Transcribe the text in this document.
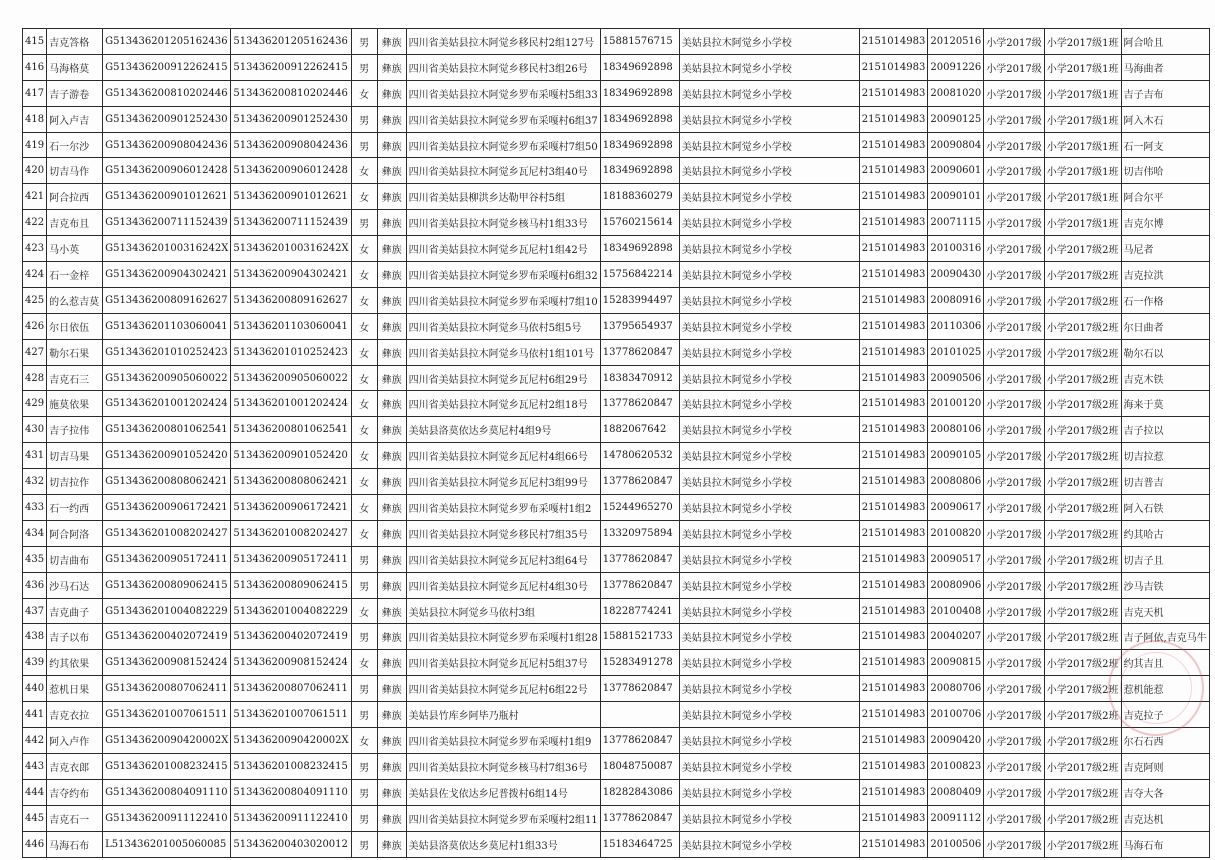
415	吉克答格	G51343620120516243​6	513436201205162436	男	彝族	四川省美姑县拉木阿觉乡移民村2组127号	15881576715	美姑县拉木阿觉乡小学校	2151014983	20120516	小学2017级	小学2017级1班	阿合哈且
416	马海格莫	G513436200912262415	513436200912262415	男	彝族	四川省美姑县拉木阿觉乡移民村3组26号	18349692898	美姑县拉木阿觉乡小学校	2151014983	20091226	小学2017级	小学2017级1班	马海曲者
417	吉子游卷	G513436200810202446	513436200810202446	女	彝族	四川省美姑县拉木阿觉乡罗布采嘎村5组33	18349692898	美姑县拉木阿觉乡小学校	2151014983	20081020	小学2017级	小学2017级1班	吉子吉布
418	阿入卢吉	G513436200901252430	513436200901252430	男	彝族	四川省美姑县拉木阿觉乡罗布采嘎村6组37	18349692898	美姑县拉木阿觉乡小学校	2151014983	20090125	小学2017级	小学2017级1班	阿入木石
419	石一尔沙	G513436200908042436	513436200908042436	男	彝族	四川省美姑县拉木阿觉乡罗布采嘎村7组50	18349692898	美姑县拉木阿觉乡小学校	2151014983	20090804	小学2017级	小学2017级1班	石一阿支
420	切吉马作	G513436200906012428	513436200906012428	女	彝族	四川省美姑县拉木阿觉乡瓦尼村3组40号	18349692898	美姑县拉木阿觉乡小学校	2151014983	20090601	小学2017级	小学2017级1班	切吉伟哈
421	阿合拉西	G513436200901012621	513436200901012621	女	彝族	四川省美姑县柳洪乡达勒甲谷村5组	18188360279	美姑县拉木阿觉乡小学校	2151014983	20090101	小学2017级	小学2017级1班	阿合尔平
422	吉克布且	G513436200711152439	513436200711152439	男	彝族	四川省美姑县拉木阿觉乡核马村1组33号	15760215614	美姑县拉木阿觉乡小学校	2151014983	20071115	小学2017级	小学2017级1班	吉克尔博
423	马小英	G51343620100316242X	51343620100316242X	女	彝族	四川省美姑县拉木阿觉乡瓦尼村1组42号	18349692898	美姑县拉木阿觉乡小学校	2151014983	20100316	小学2017级	小学2017级2班	马尼者
424	石一金梓	G513436200904302421	513436200904302421	女	彝族	四川省美姑县拉木阿觉乡罗布采嘎村6组32	15756842214	美姑县拉木阿觉乡小学校	2151014983	20090430	小学2017级	小学2017级2班	吉克拉洪
425	的么惹吉莫	G513436200809162627	513436200809162627	女	彝族	四川省美姑县拉木阿觉乡罗布采嘎村7组10	15283994497	美姑县拉木阿觉乡小学校	2151014983	20080916	小学2017级	小学2017级2班	石一作格
426	尔日依伍	G513436201103060041	513436201103060041	女	彝族	四川省美姑县拉木阿觉乡马依村5组5号	13795654937	美姑县拉木阿觉乡小学校	2151014983	20110306	小学2017级	小学2017级2班	尔日曲者
427	勒尔石果	G513436201010252423	513436201010252423	女	彝族	四川省美姑县拉木阿觉乡马依村1组101号	13778620847	美姑县拉木阿觉乡小学校	2151014983	20101025	小学2017级	小学2017级2班	勒尔石以
428	吉克石三	G513436200905060022	513436200905060022	女	彝族	四川省美姑县拉木阿觉乡瓦尼村6组29号	18383470912	美姑县拉木阿觉乡小学校	2151014983	20090506	小学2017级	小学2017级2班	吉克木铁
429	施莫依果	G513436201001202424	513436201001202424	女	彝族	四川省美姑县拉木阿觉乡瓦尼村2组18号	13778620847	美姑县拉木阿觉乡小学校	2151014983	20100120	小学2017级	小学2017级2班	海来于莫
430	吉子拉伟	G513436200801062541	513436200801062541	女	彝族	美姑县洛莫依达乡莫尼村4组9号	1882067642	美姑县拉木阿觉乡小学校	2151014983	20080106	小学2017级	小学2017级2班	吉子拉以
431	切吉马果	G513436200901052420	513436200901052420	女	彝族	四川省美姑县拉木阿觉乡瓦尼村4组66号	14780620532	美姑县拉木阿觉乡小学校	2151014983	20090105	小学2017级	小学2017级2班	切吉拉惹
432	切吉拉作	G513436200808062421	513436200808062421	女	彝族	四川省美姑县拉木阿觉乡瓦尼村3组99号	13778620847	美姑县拉木阿觉乡小学校	2151014983	20080806	小学2017级	小学2017级2班	切吉普吉
433	石一约西	G513436200906172421	513436200906172421	女	彝族	四川省美姑县拉木阿觉乡罗布采嘎村1组2	15244965270	美姑县拉木阿觉乡小学校	2151014983	20090617	小学2017级	小学2017级2班	阿入石铁
434	阿合阿洛	G513436201008202427	513436201008202427	女	彝族	四川省美姑县拉木阿觉乡移民村7组35号	13320975894	美姑县拉木阿觉乡小学校	2151014983	20100820	小学2017级	小学2017级2班	约其哈古
435	切吉曲布	G513436200905172411	513436200905172411	男	彝族	四川省美姑县拉木阿觉乡瓦尼村3组64号	13778620847	美姑县拉木阿觉乡小学校	2151014983	20090517	小学2017级	小学2017级2班	切吉子且
436	沙马石达	G513436200809062415	513436200809062415	男	彝族	四川省美姑县拉木阿觉乡瓦尼村4组30号	13778620847	美姑县拉木阿觉乡小学校	2151014983	20080906	小学2017级	小学2017级2班	沙马吉铁
437	吉克曲子	G513436201004082229	513436201004082229	女	彝族	美姑县拉木阿觉乡马依村3组	18228774241	美姑县拉木阿觉乡小学校	2151014983	20100408	小学2017级	小学2017级2班	吉克天机
438	吉子以布	G513436200402072419	513436200402072419	男	彝族	四川省美姑县拉木阿觉乡罗布采嘎村1组28	15881521733	美姑县拉木阿觉乡小学校	2151014983	20040207	小学2017级	小学2017级2班	吉子阿依,吉克马牛
439	约其依果	G513436200908152424	513436200908152424	女	彝族	四川省美姑县拉木阿觉乡瓦尼村5组37号	15283491278	美姑县拉木阿觉乡小学校	2151014983	20090815	小学2017级	小学2017级2班	约其吉且
440	惹机日果	G513436200807062411	513436200807062411	男	彝族	四川省美姑县拉木阿觉乡瓦尼村6组22号	13778620847	美姑县拉木阿觉乡小学校	2151014983	20080706	小学2017级	小学2017级2班	惹机能惹
441	吉克衣拉	G513436201007061511	513436201007061511	男	彝族	美姑县竹库乡阿毕乃瓶村		美姑县拉木阿觉乡小学校	2151014983	20100706	小学2017级	小学2017级2班	吉克拉子
442	阿入卢作	G51343620090420002X	51343620090420002X	女	彝族	四川省美姑县拉木阿觉乡罗布采嘎村1组9	13778620847	美姑县拉木阿觉乡小学校	2151014983	20090420	小学2017级	小学2017级2班	尔石石西
443	吉克衣郎	G513436201008232415	513436201008232415	男	彝族	四川省美姑县拉木阿觉乡核马村7组36号	18048750087	美姑县拉木阿觉乡小学校	2151014983	20100823	小学2017级	小学2017级2班	吉克阿则
444	吉夺约布	G513436200804091110	513436200804091110	男	彝族	美姑县佐戈依达乡尼普拨村6组14号	18282843086	美姑县拉木阿觉乡小学校	2151014983	20080409	小学2017级	小学2017级2班	吉夺大各
445	吉克石一	G513436200911122410	513436200911122410	男	彝族	四川省美姑县拉木阿觉乡罗布采嘎村2组11	13778620847	美姑县拉木阿觉乡小学校	2151014983	20091112	小学2017级	小学2017级2班	吉克达机
446	马海石布	L513436201005060085	513436200403020012	男	彝族	美姑县洛莫依达乡莫尼村1组33号	15183464725	美姑县拉木阿觉乡小学校	2151014983	20100506	小学2017级	小学2017级2班	马海石布
